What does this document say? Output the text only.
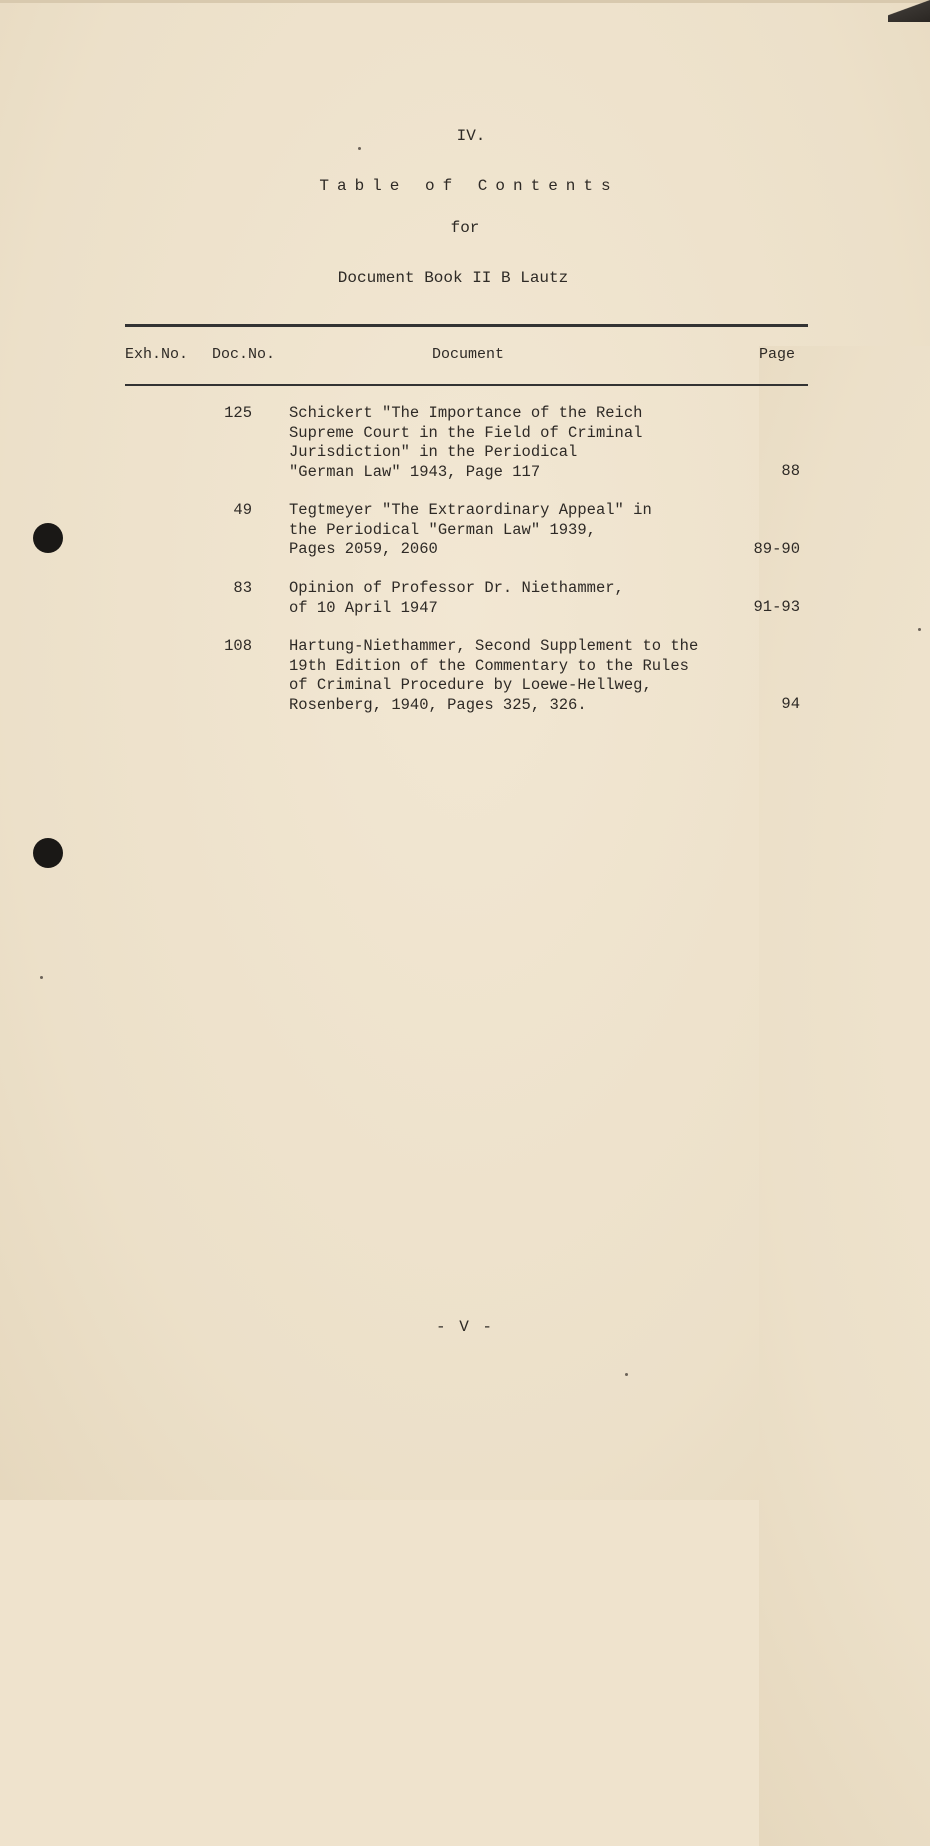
IV.
Table of Contents
for
Document Book II B Lautz
Exh.No. Doc.No.	Document	Page
125 Schickert "The Importance of the Reich
Supreme Court in the Field of Criminal
Jurisdiction" in the Periodical
"German Law" 1943, Page 117	88
49 Tegtmeyer "The Extraordinary Appeal" in
the Periodical "German Law" 1939,
Pages 2059, 2060	89-90
83 Opinion of Professor Dr. Niethammer,
of 10 April 1947	91-93
108 Hartung-Niethammer, Second Supplement to the
19th Edition of the Commentary to the Rules
of Criminal Procedure by Loewe-Hellweg,
Rosenberg, 1940, Pages 325, 326.	94
- V -
